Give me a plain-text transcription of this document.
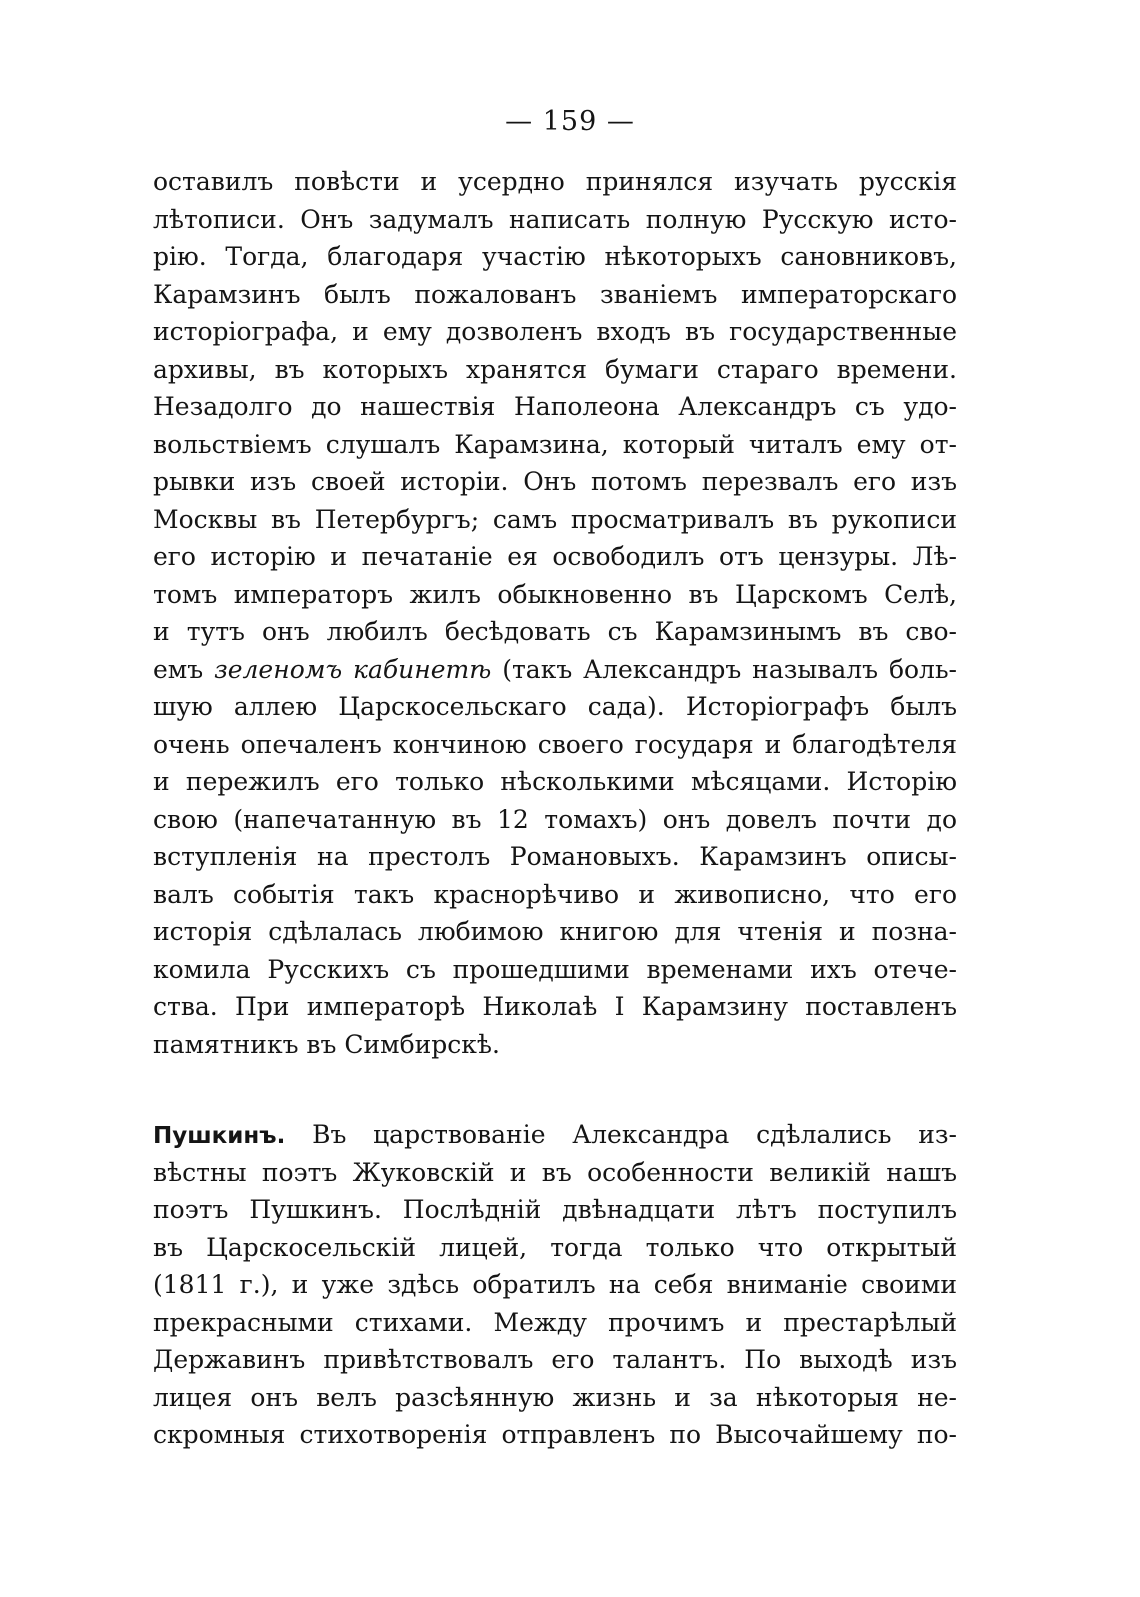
— 159 —
оставилъ повѣсти и усердно принялся изучать русскія
лѣтописи. Онъ задумалъ написать полную Русскую исто-
рію. Тогда, благодаря участію нѣкоторыхъ сановниковъ,
Карамзинъ былъ пожалованъ званіемъ императорскаго
исторіографа, и ему дозволенъ входъ въ государственные
архивы, въ которыхъ хранятся бумаги стараго времени.
Незадолго до нашествія Наполеона Александръ съ удо-
вольствіемъ слушалъ Карамзина, который читалъ ему от-
рывки изъ своей исторіи. Онъ потомъ перезвалъ его изъ
Москвы въ Петербургъ; самъ просматривалъ въ рукописи
его исторію и печатаніе ея освободилъ отъ цензуры. Лѣ-
томъ императоръ жилъ обыкновенно въ Царскомъ Селѣ,
и тутъ онъ любилъ бесѣдовать съ Карамзинымъ въ сво-
емъ зеленомъ кабинетѣ (такъ Александръ называлъ боль-
шую аллею Царскосельскаго сада). Исторіографъ былъ
очень опечаленъ кончиною своего государя и благодѣтеля
и пережилъ его только нѣсколькими мѣсяцами. Исторію
свою (напечатанную въ 12 томахъ) онъ довелъ почти до
вступленія на престолъ Романовыхъ. Карамзинъ описы-
валъ событія такъ краснорѣчиво и живописно, что его
исторія сдѣлалась любимою книгою для чтенія и позна-
комила Русскихъ съ прошедшими временами ихъ отече-
ства. При императорѣ Николаѣ I Карамзину поставленъ
памятникъ въ Симбирскѣ.
Пушкинъ. Въ царствованіе Александра сдѣлались из-
вѣстны поэтъ Жуковскій и въ особенности великій нашъ
поэтъ Пушкинъ. Послѣдній двѣнадцати лѣтъ поступилъ
въ Царскосельскій лицей, тогда только что открытый
(1811 г.), и уже здѣсь обратилъ на себя вниманіе своими
прекрасными стихами. Между прочимъ и престарѣлый
Державинъ привѣтствовалъ его талантъ. По выходѣ изъ
лицея онъ велъ разсѣянную жизнь и за нѣкоторыя не-
скромныя стихотворенія отправленъ по Высочайшему по-
